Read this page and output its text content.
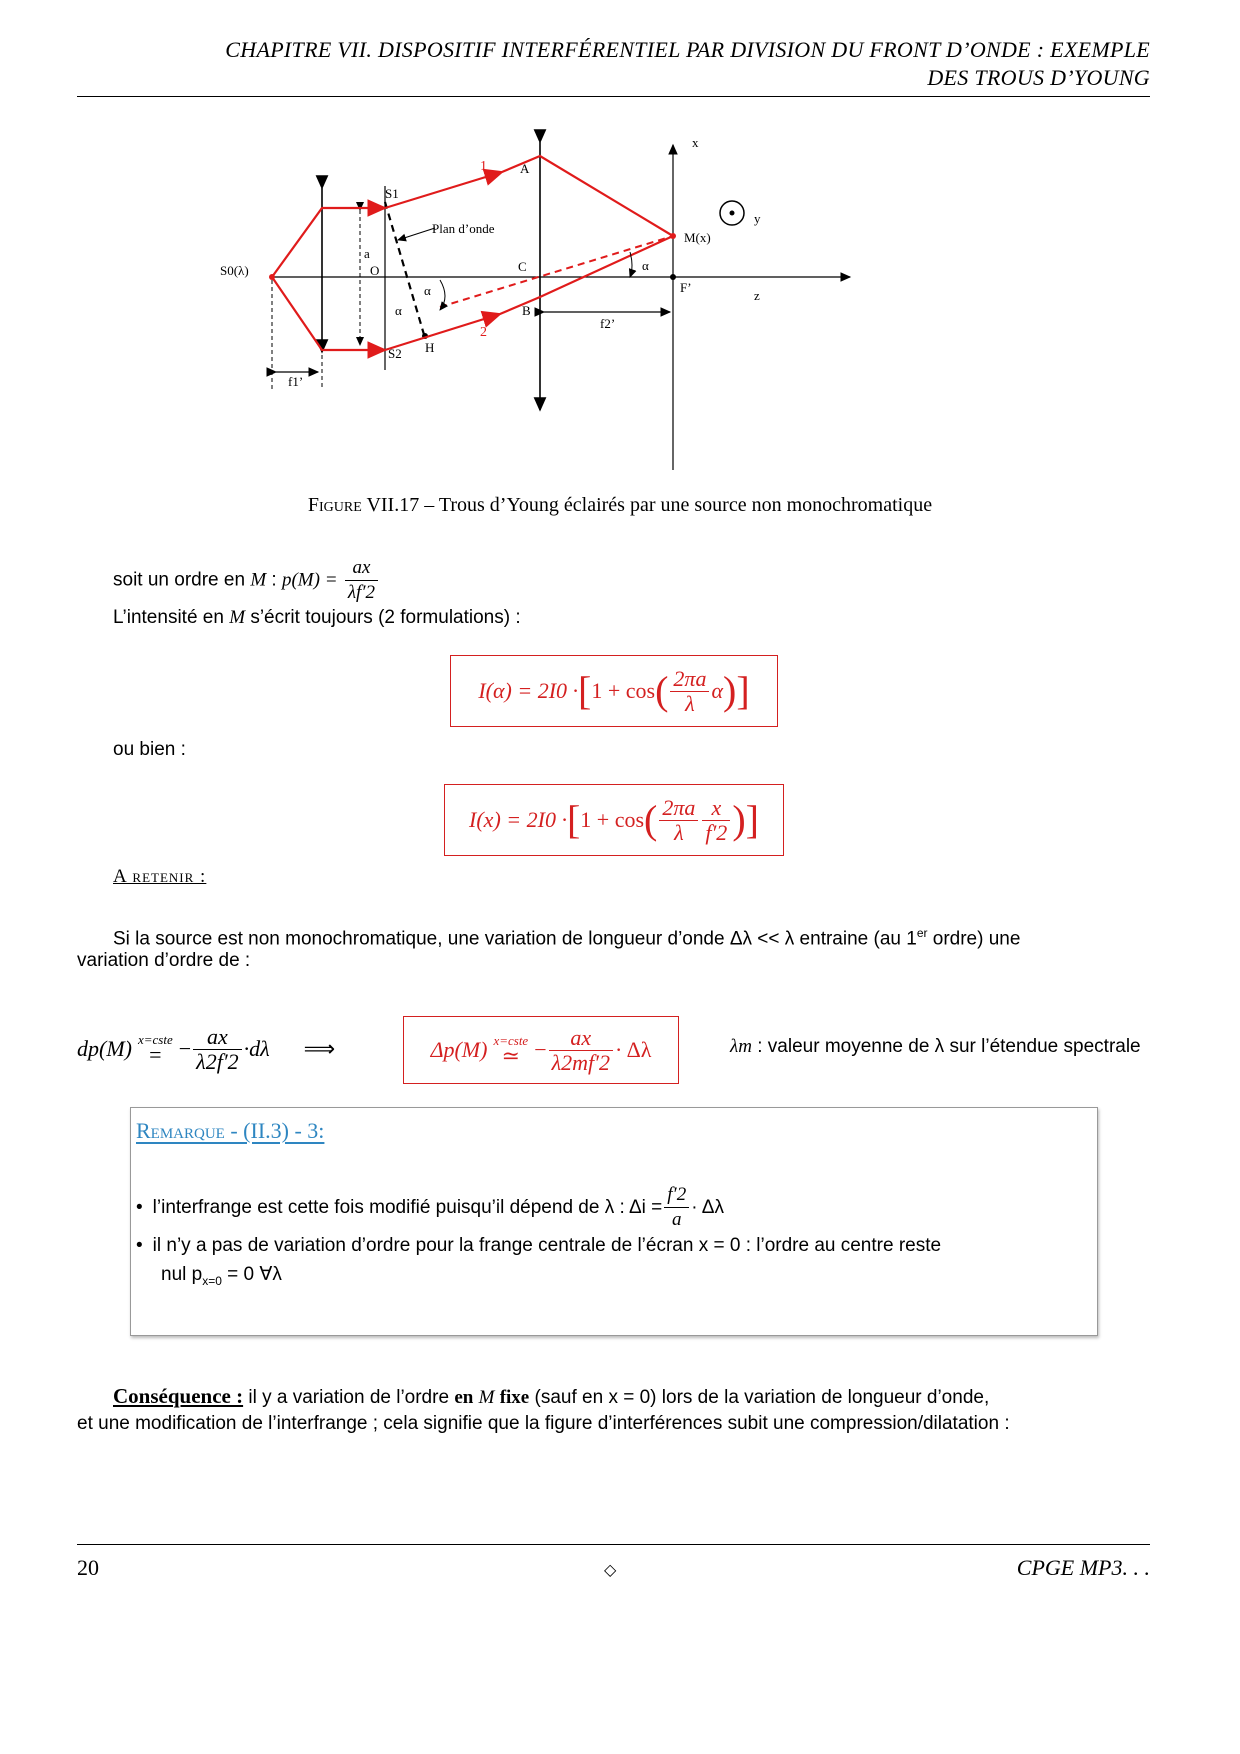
CHAPITRE VII. DISPOSITIF INTERFÉRENTIEL PAR DIVISION DU FRONT D’ONDE : EXEMPLE
DES TROUS D’YOUNG
x
y
z
S1
S2
S0(λ)
a
O	C
A
B
H
M(x)
F’
f1’
f2’
Plan d’onde
α
α
α
1
2
Figure VII.17 – Trous d’Young éclairés par une source non monochromatique
soit un ordre en M : $p(M) = \frac{ax}{\lambda f'2}$
L’intensité en M s’écrit toujours (2 formulations) :
I(α) = 2I0 · [ 1 + cos ( $\frac{2\pi a}{\lambda}$ α ) ]
ou bien :
I(x) = 2I0 · [ 1 + cos ( $\frac{2\pi a}{\lambda} \frac{x}{f'2}$ ) ]
A retenir :
Si la source est non monochromatique, une variation de longueur d’onde Δλ << λ entraine (au 1er ordre) une
variation d’ordre de :
dp(M) x=cste
= − $\frac{ax}{\lambda 2f'2} \cdot d\lambda$ ⟹	Δp(M) x=cste
≃ − $\frac{ax}{\lambda 2mf'2} \cdot \Delta\lambda$	λm : valeur moyenne de λ sur l’étendue spectrale
Remarque - (II.3) - 3:
• l’interfrange est cette fois modifié puisqu’il dépend de λ : $\Delta i = \frac{f'2}{a} \cdot \Delta\lambda$
• il n’y a pas de variation d’ordre pour la frange centrale de l’écran x = 0 : l’ordre au centre reste
nul $p_{x=0} = 0$ ∀λ
Conséquence : il y a variation de l’ordre en M fixe (sauf en x = 0) lors de la variation de longueur d’onde,
et une modification de l’interfrange ; cela signifie que la figure d’interférences subit une compression/dilatation :
20	◇	CPGE MP3. . .
